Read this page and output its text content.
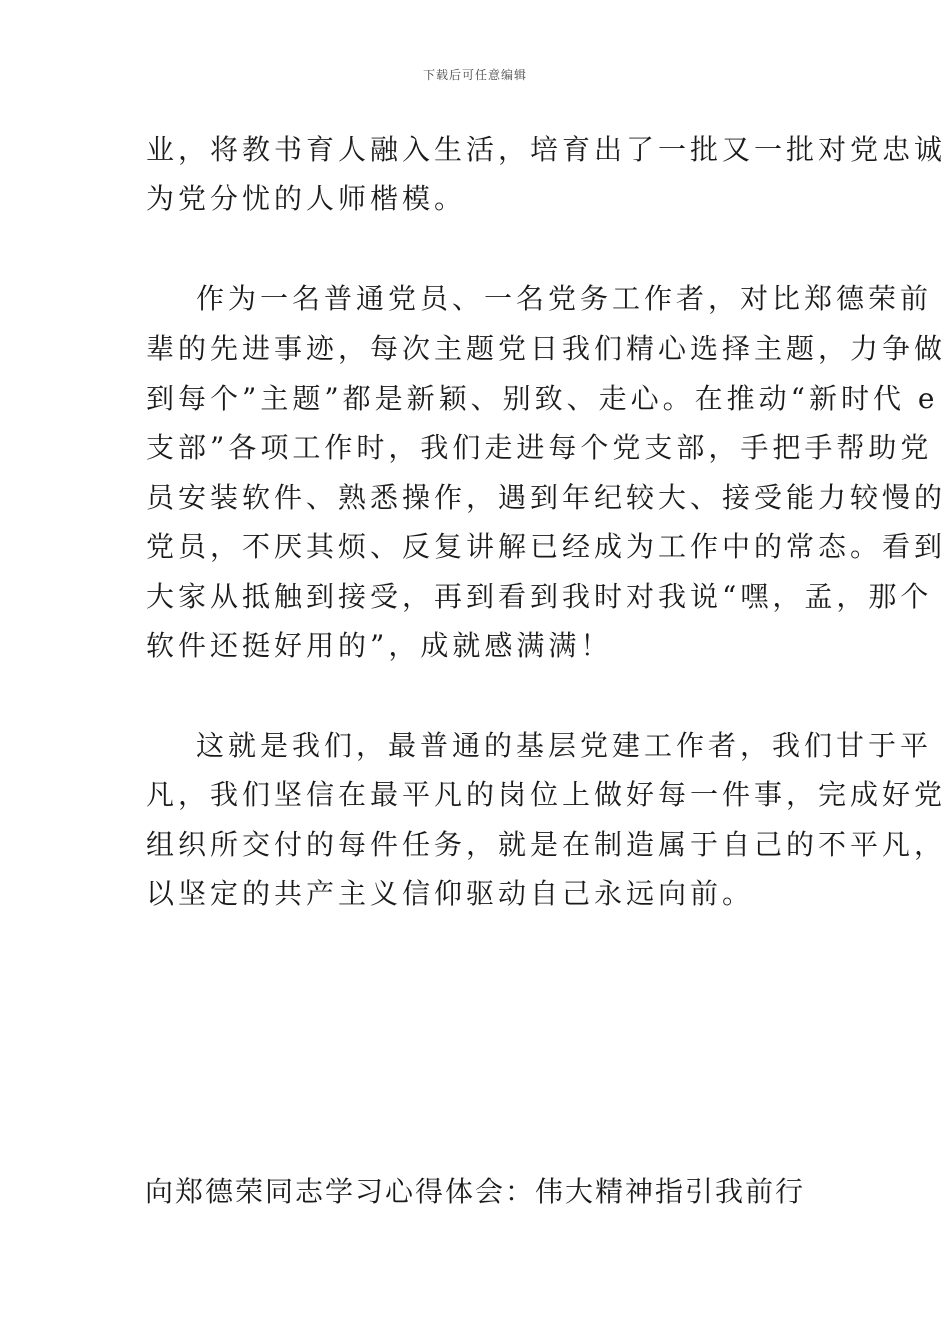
下载后可任意编辑
业，将教书育人融入生活，培育出了一批又一批对党忠诚
为党分忧的人师楷模。
作为一名普通党员、一名党务工作者，对比郑德荣前
辈的先进事迹，每次主题党日我们精心选择主题，力争做
到每个”主题”都是新颖、别致、走心。在推动“新时代 e
支部”各项工作时，我们走进每个党支部，手把手帮助党
员安装软件、熟悉操作，遇到年纪较大、接受能力较慢的
党员，不厌其烦、反复讲解已经成为工作中的常态。看到
大家从抵触到接受，再到看到我时对我说“嘿，孟，那个
软件还挺好用的”，成就感满满！
这就是我们，最普通的基层党建工作者，我们甘于平
凡，我们坚信在最平凡的岗位上做好每一件事，完成好党
组织所交付的每件任务，就是在制造属于自己的不平凡，
以坚定的共产主义信仰驱动自己永远向前。
向郑德荣同志学习心得体会：伟大精神指引我前行
